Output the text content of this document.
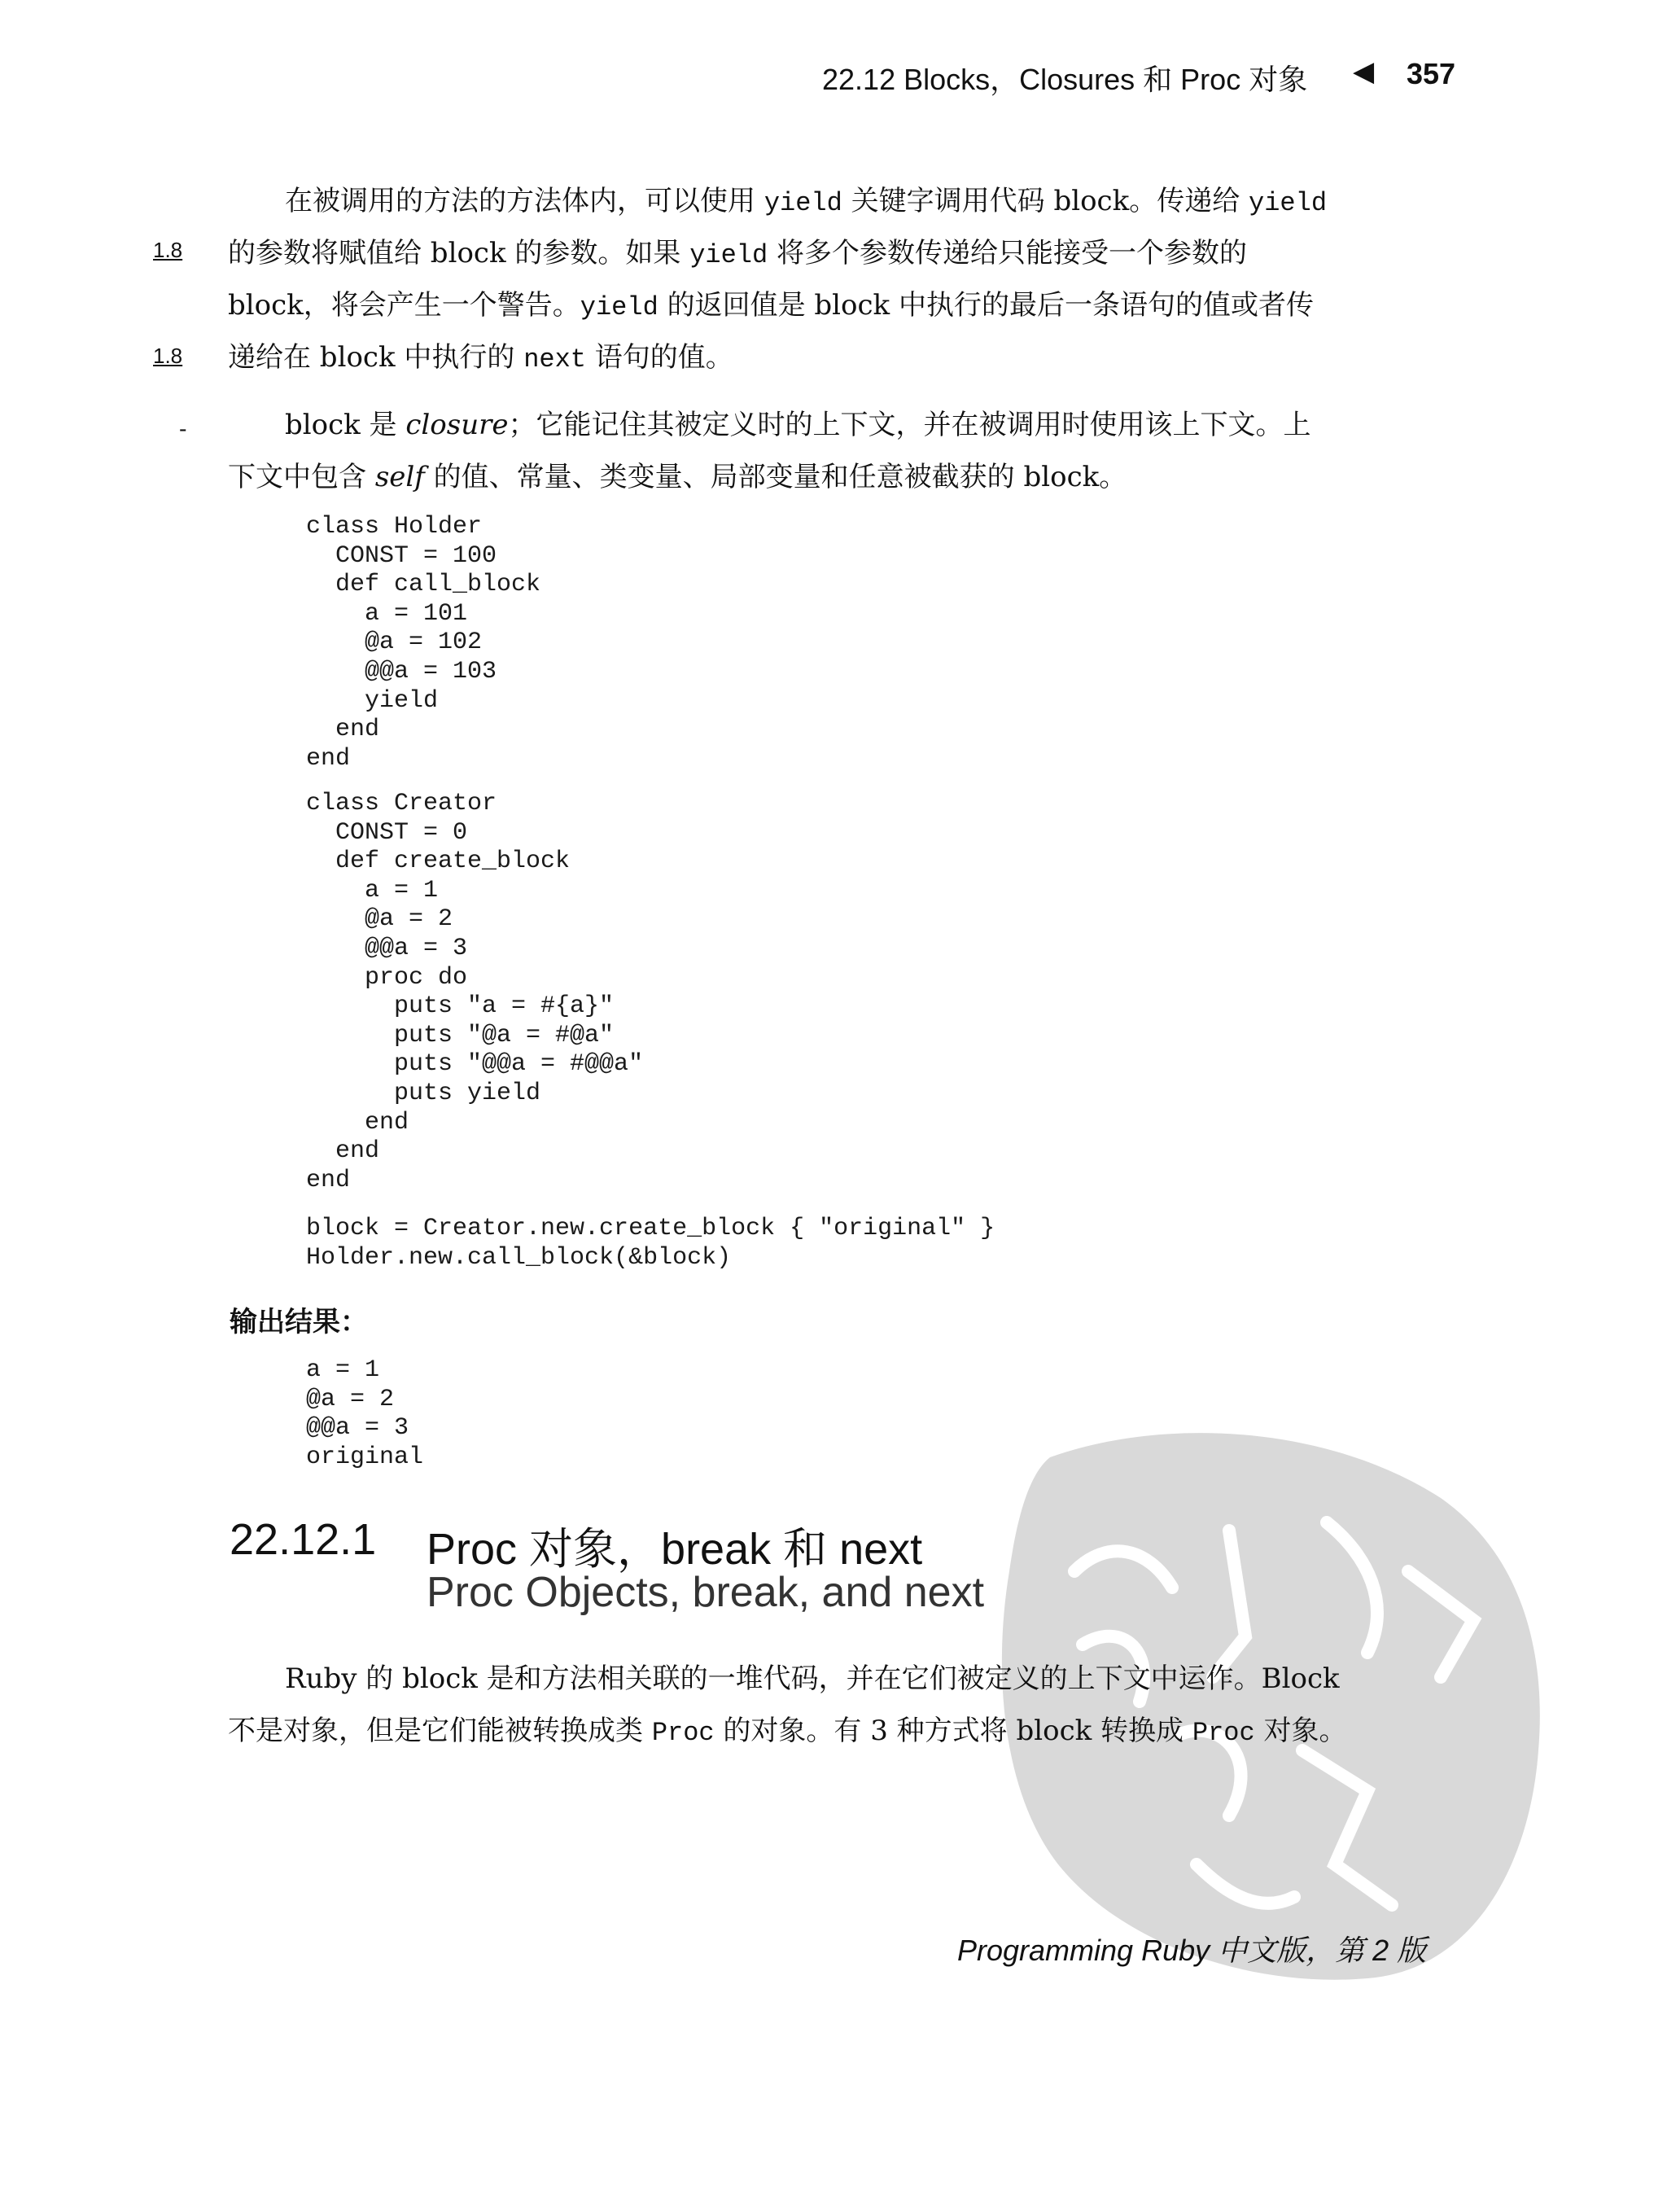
22.12 Blocks，Closures 和 Proc 对象 ◀ 357
1.8
1.8
-
在被调用的方法的方法体内，可以使用 yield 关键字调用代码 block。传递给 yield
的参数将赋值给 block 的参数。如果 yield 将多个参数传递给只能接受一个参数的
block，将会产生一个警告。yield 的返回值是 block 中执行的最后一条语句的值或者传
递给在 block 中执行的 next 语句的值。
block 是 closure；它能记住其被定义时的上下文，并在被调用时使用该上下文。上
下文中包含 self 的值、常量、类变量、局部变量和任意被截获的 block。
class Holder
CONST = 100
def call_block
a = 101
@a = 102
@@a = 103
yield
end
end
class Creator
CONST = 0
def create_block
a = 1
@a = 2
@@a = 3
proc do
puts "a = #{a}"
puts "@a = #@a"
puts "@@a = #@@a"
puts yield
end
end
end
block = Creator.new.create_block { "original" }
Holder.new.call_block(&block)
输出结果：
a = 1
@a = 2
@@a = 3
original
22.12.1 Proc 对象，break 和 next
Proc Objects, break, and next
Ruby 的 block 是和方法相关联的一堆代码，并在它们被定义的上下文中运作。Block
不是对象，但是它们能被转换成类 Proc 的对象。有 3 种方式将 block 转换成 Proc 对象。
Programming Ruby 中文版，第 2 版
